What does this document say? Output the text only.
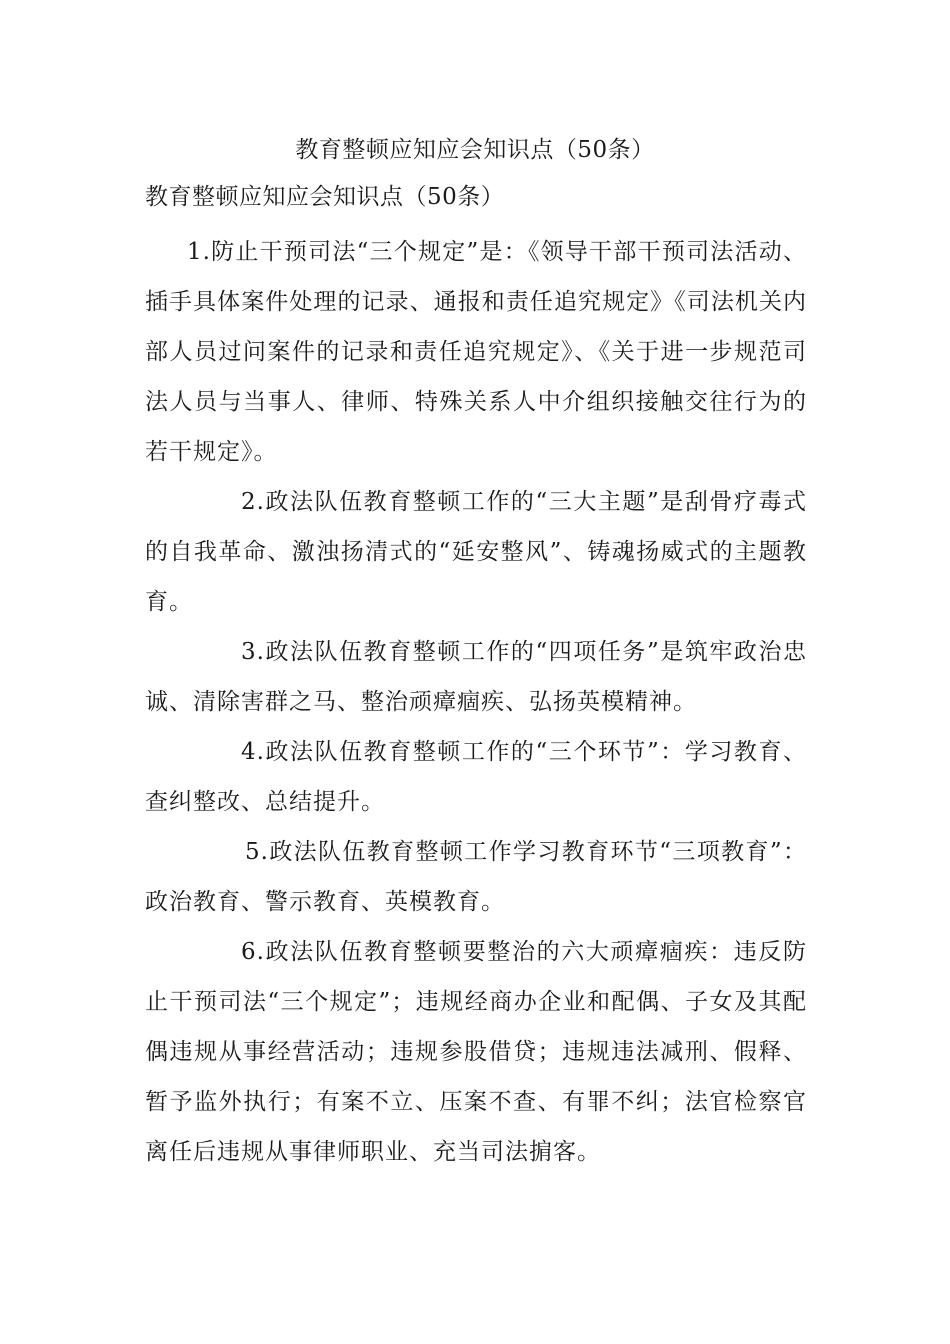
教育整顿应知应会知识点（50条）
教育整顿应知应会知识点（50条）

1.防止干预司法“三个规定”是：《领导干部干预司法活动、插手具体案件处理的记录、通报和责任追究规定》《司法机关内部人员过问案件的记录和责任追究规定》、《关于进一步规范司法人员与当事人、律师、特殊关系人中介组织接触交往行为的若干规定》。

2.政法队伍教育整顿工作的“三大主题”是刮骨疗毒式的自我革命、激浊扬清式的“延安整风”、铸魂扬威式的主题教育。

3.政法队伍教育整顿工作的“四项任务”是筑牢政治忠诚、清除害群之马、整治顽瘴痼疾、弘扬英模精神。

4.政法队伍教育整顿工作的“三个环节”：学习教育、查纠整改、总结提升。

5.政法队伍教育整顿工作学习教育环节“三项教育”：政治教育、警示教育、英模教育。

6.政法队伍教育整顿要整治的六大顽瘴痼疾：违反防止干预司法“三个规定”；违规经商办企业和配偶、子女及其配偶违规从事经营活动；违规参股借贷；违规违法减刑、假释、暂予监外执行；有案不立、压案不查、有罪不纠；法官检察官离任后违规从事律师职业、充当司法掮客。
